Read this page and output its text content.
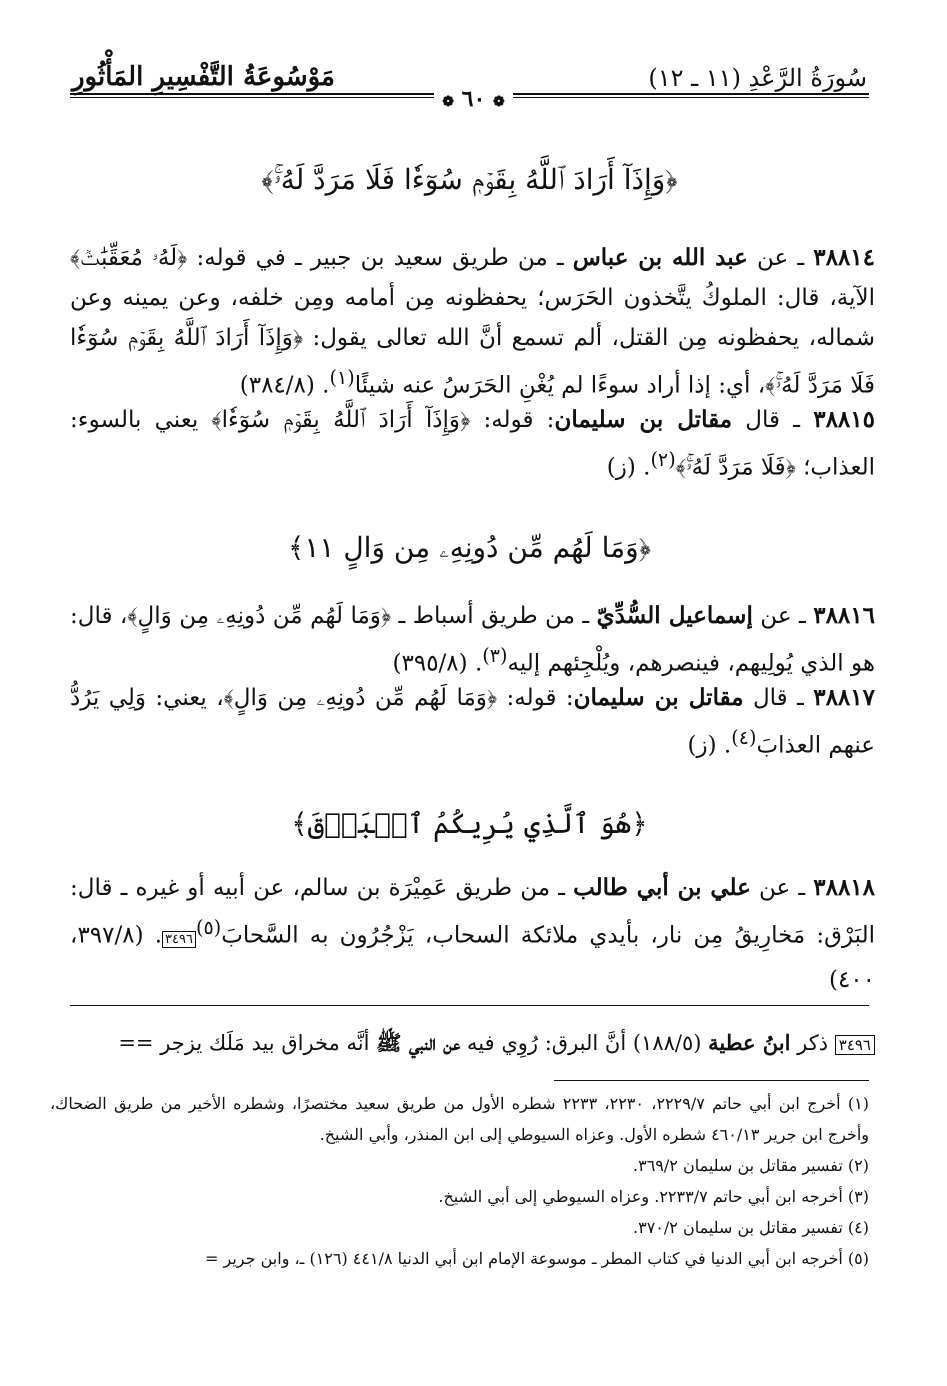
سُورَةُ الرَّعْدِ (١١ ـ ١٢)
مَوْسُوعَةُ التَّفْسِيرِ المَأْثُورِ
❁ ٦٠ ❁
﴿وَإِذَآ أَرَادَ ٱللَّهُ بِقَوۡمٖ سُوٓءٗا فَلَا مَرَدَّ لَهُۥۚ﴾
٣٨٨١٤ ـ عن عبد الله بن عباس ـ من طريق سعيد بن جبير ـ في قوله: ﴿لَهُۥ مُعَقِّبَٰتٞ﴾ الآية، قال: الملوكُ يتَّخذون الحَرَس؛ يحفظونه مِن أمامه ومِن خلفه، وعن يمينه وعن شماله، يحفظونه مِن القتل، ألم تسمع أنَّ الله تعالى يقول: ﴿وَإِذَآ أَرَادَ ٱللَّهُ بِقَوۡمٖ سُوٓءٗا فَلَا مَرَدَّ لَهُۥۚ﴾، أي: إذا أراد سوءًا لم يُغْنِ الحَرَسُ عنه شيئًا$^{(١)}$. (٣٨٤/٨)
٣٨٨١٥ ـ قال مقاتل بن سليمان: قوله: ﴿وَإِذَآ أَرَادَ ٱللَّهُ بِقَوۡمٖ سُوٓءٗا﴾ يعني بالسوء: العذاب؛ ﴿فَلَا مَرَدَّ لَهُۥۚ﴾$^{(٢)}$. (ز)
﴿وَمَا لَهُم مِّن دُونِهِۦ مِن وَالٍ ١١﴾
٣٨٨١٦ ـ عن إسماعيل السُّدِّيّ ـ من طريق أسباط ـ ﴿وَمَا لَهُم مِّن دُونِهِۦ مِن وَالٍ﴾، قال: هو الذي يُولِيهم، فينصرهم، ويُلْجِئهم إليه$^{(٣)}$. (٣٩٥/٨)
٣٨٨١٧ ـ قال مقاتل بن سليمان: قوله: ﴿وَمَا لَهُم مِّن دُونِهِۦ مِن وَالٍ﴾، يعني: وَلِي يَرُدُّ عنهم العذابَ$^{(٤)}$. (ز)
﴿هُوَ ٱلَّذِي يُرِيكُمُ ٱلۡبَرۡقَ﴾
٣٨٨١٨ ـ عن علي بن أبي طالب ـ من طريق عَمِيْرَة بن سالم، عن أبيه أو غيره ـ قال: البَرْق: مَخارِيقُ مِن نار، بأيدي ملائكة السحاب، يَزْجُرُون به السَّحابَ$^{(٥)}$٣٤٩٦. (٣٩٧/٨، ٤٠٠)
٣٤٩٦ ذكر ابنُ عطية (١٨٨/٥) أنَّ البرق: رُوِي فيه عن النبي ﷺ أنَّه مخراق بيد مَلَك يزجر ==

(١) أخرج ابن أبي حاتم ٢٢٢٩/٧، ٢٢٣٠، ٢٢٣٣ شطره الأول من طريق سعيد مختصرًا، وشطره الأخير من طريق الضحاك، وأخرج ابن جرير ٤٦٠/١٣ شطره الأول. وعزاه السيوطي إلى ابن المنذر، وأبي الشيخ.

(٢) تفسير مقاتل بن سليمان ٣٦٩/٢.

(٣) أخرجه ابن أبي حاتم ٢٢٣٣/٧. وعزاه السيوطي إلى أبي الشيخ.

(٤) تفسير مقاتل بن سليمان ٣٧٠/٢.

(٥) أخرجه ابن أبي الدنيا في كتاب المطر ـ موسوعة الإمام ابن أبي الدنيا ٤٤١/٨ (١٢٦) ـ، وابن جرير =
